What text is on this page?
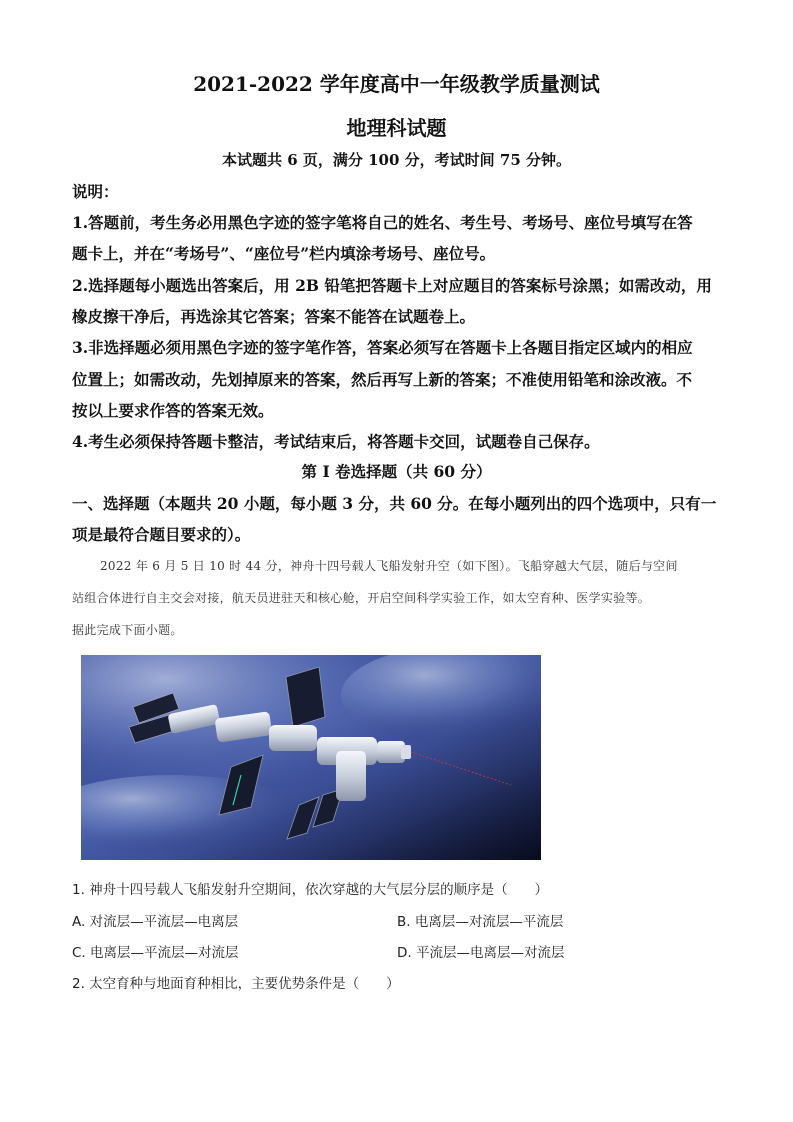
2021-2022 学年度高中一年级教学质量测试
地理科试题
本试题共 6 页，满分 100 分，考试时间 75 分钟。
说明：
1.答题前，考生务必用黑色字迹的签字笔将自己的姓名、考生号、考场号、座位号填写在答
题卡上，并在“考场号”、“座位号”栏内填涂考场号、座位号。
2.选择题每小题选出答案后，用 2B 铅笔把答题卡上对应题目的答案标号涂黑；如需改动，用
橡皮擦干净后，再选涂其它答案；答案不能答在试题卷上。
3.非选择题必须用黑色字迹的签字笔作答，答案必须写在答题卡上各题目指定区域内的相应
位置上；如需改动，先划掉原来的答案，然后再写上新的答案；不准使用铅笔和涂改液。不
按以上要求作答的答案无效。
4.考生必须保持答题卡整洁，考试结束后，将答题卡交回，试题卷自己保存。
第 I 卷选择题（共 60 分）
一、选择题（本题共 20 小题，每小题 3 分，共 60 分。在每小题列出的四个选项中，只有一
项是最符合题目要求的）。
2022 年 6 月 5 日 10 时 44 分，神舟十四号载人飞船发射升空（如下图）。飞船穿越大气层，随后与空间
站组合体进行自主交会对接，航天员进驻天和核心舱，开启空间科学实验工作，如太空育种、医学实验等。
据此完成下面小题。
1. 神舟十四号载人飞船发射升空期间，依次穿越的大气层分层的顺序是（　　）
A. 对流层—平流层—电离层	B. 电离层—对流层—平流层
C. 电离层—平流层—对流层	D. 平流层—电离层—对流层
2. 太空育种与地面育种相比，主要优势条件是（　　）
